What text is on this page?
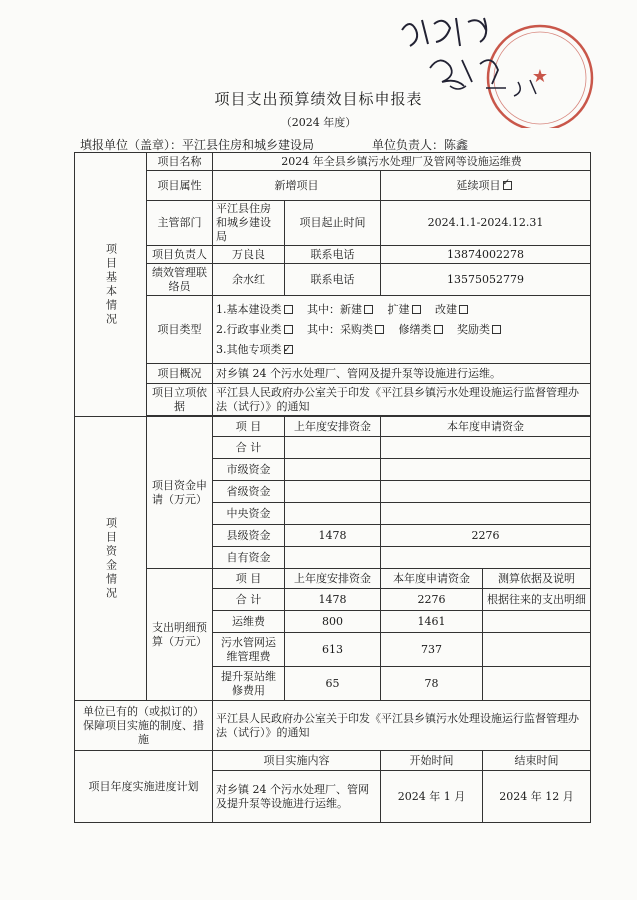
★
项目支出预算绩效目标申报表
（2024 年度）
填报单位（盖章）：平江县住房和城乡建设局	单位负责人：陈鑫
项目基本情况	项目名称	2024 年全县乡镇污水处理厂及管网等设施运维费			
	项目属性	新增项目		延续项目✓
	主管部门	平江县住房和城乡建设局	项目起止时间	2024.1.1-2024.12.31	
	项目负责人	万良良	联系电话	13874002278	
	绩效管理联络员	余水红	联系电话	13575052779	
	项目类型	1.基本建设类 其中：新建 扩建 改建
2.行政事业类 其中：采购类 修缮类 奖励类
3.其他专项类✓

	项目概况	对乡镇 24 个污水处理厂、管网及提升泵等设施进行运维。			
	项目立项依据	平江县人民政府办公室关于印发《平江县乡镇污水处理设施运行监督管理办法（试行）》的通知			

项目资金情况	项目资金申请（万元）	项 目	上年度安排资金	本年度申请资金	
		合 计			
		市级资金			
		省级资金			
		中央资金			
		县级资金	1478	2276	
		自有资金			
	支出明细预算（万元）	项 目	上年度安排资金	本年度申请资金	测算依据及说明
		合 计	1478	2276	根据往来的支出明细
		运维费	800	1461	
		污水管网运维管理费	613	737	
		提升泵站维修费用	65	78	
单位已有的（或拟订的）保障项目实施的制度、措施		平江县人民政府办公室关于印发《平江县乡镇污水处理设施运行监督管理办法（试行）》的通知			
项目年度实施进度计划		项目实施内容		开始时间	结束时间
		对乡镇 24 个污水处理厂、管网及提升泵等设施进行运维。		2024 年 1 月	2024 年 12 月
